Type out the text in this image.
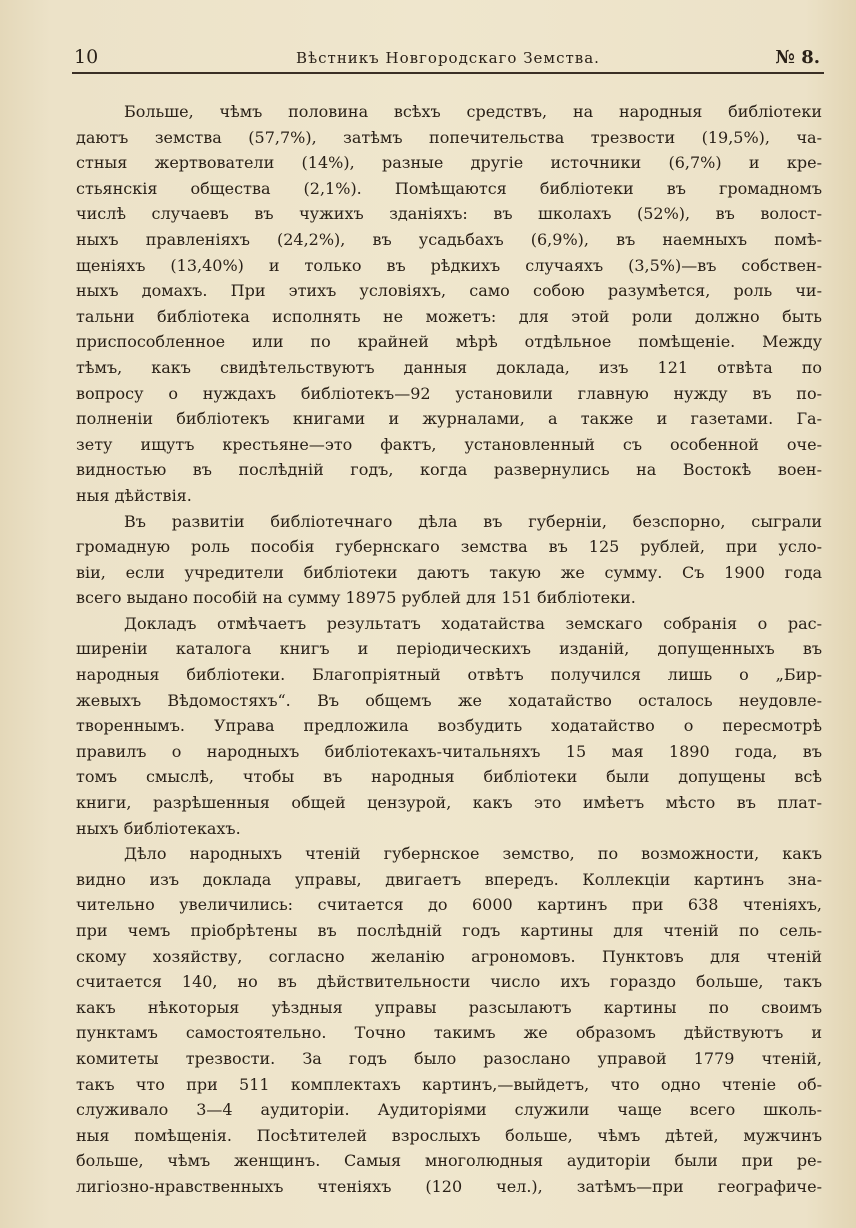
10	Вѣстникъ Новгородскаго Земства.	№ 8.
Больше, чѣмъ половина всѣхъ средствъ, на народныя библіотеки
даютъ земства (57,7%), затѣмъ попечительства трезвости (19,5%), ча-
стныя жертвователи (14%), разные другіе источники (6,7%) и кре-
стьянскія общества (2,1%). Помѣщаются библіотеки въ громадномъ
числѣ случаевъ въ чужихъ зданіяхъ: въ школахъ (52%), въ волост-
ныхъ правленіяхъ (24,2%), въ усадьбахъ (6,9%), въ наемныхъ помѣ-
щеніяхъ (13,40%) и только въ рѣдкихъ случаяхъ (3,5%)—въ собствен-
ныхъ домахъ. При этихъ условіяхъ, само собою разумѣется, роль чи-
тальни библіотека исполнять не можетъ: для этой роли должно быть
приспособленное или по крайней мѣрѣ отдѣльное помѣщеніе. Между
тѣмъ, какъ свидѣтельствуютъ данныя доклада, изъ 121 отвѣта по
вопросу о нуждахъ библіотекъ—92 установили главную нужду въ по-
полненіи библіотекъ книгами и журналами, а также и газетами. Га-
зету ищутъ крестьяне—это фактъ, установленный съ особенной оче-
видностью въ послѣдній годъ, когда развернулись на Востокѣ воен-
ныя дѣйствія.
Въ развитіи библіотечнаго дѣла въ губерніи, безспорно, сыграли
громадную роль пособія губернскаго земства въ 125 рублей, при усло-
віи, если учредители библіотеки даютъ такую же сумму. Съ 1900 года
всего выдано пособій на сумму 18975 рублей для 151 библіотеки.
Докладъ отмѣчаетъ результатъ ходатайства земскаго собранія о рас-
ширеніи каталога книгъ и періодическихъ изданій, допущенныхъ въ
народныя библіотеки. Благопріятный отвѣтъ получился лишь о „Бир-
жевыхъ Вѣдомостяхъ“. Въ общемъ же ходатайство осталось неудовле-
твореннымъ. Управа предложила возбудить ходатайство о пересмотрѣ
правилъ о народныхъ библіотекахъ-читальняхъ 15 мая 1890 года, въ
томъ смыслѣ, чтобы въ народныя библіотеки были допущены всѣ
книги, разрѣшенныя общей цензурой, какъ это имѣетъ мѣсто въ плат-
ныхъ библіотекахъ.
Дѣло народныхъ чтеній губернское земство, по возможности, какъ
видно изъ доклада управы, двигаетъ впередъ. Коллекціи картинъ зна-
чительно увеличились: считается до 6000 картинъ при 638 чтеніяхъ,
при чемъ пріобрѣтены въ послѣдній годъ картины для чтеній по сель-
скому хозяйству, согласно желанію агрономовъ. Пунктовъ для чтеній
считается 140, но въ дѣйствительности число ихъ гораздо больше, такъ
какъ нѣкоторыя уѣздныя управы разсылаютъ картины по своимъ
пунктамъ самостоятельно. Точно такимъ же образомъ дѣйствуютъ и
комитеты трезвости. За годъ было разослано управой 1779 чтеній,
такъ что при 511 комплектахъ картинъ,—выйдетъ, что одно чтеніе об-
служивало 3—4 аудиторіи. Аудиторіями служили чаще всего школь-
ныя помѣщенія. Посѣтителей взрослыхъ больше, чѣмъ дѣтей, мужчинъ
больше, чѣмъ женщинъ. Самыя многолюдныя аудиторіи были при ре-
лигіозно-нравственныхъ чтеніяхъ (120 чел.), затѣмъ—при географиче-
